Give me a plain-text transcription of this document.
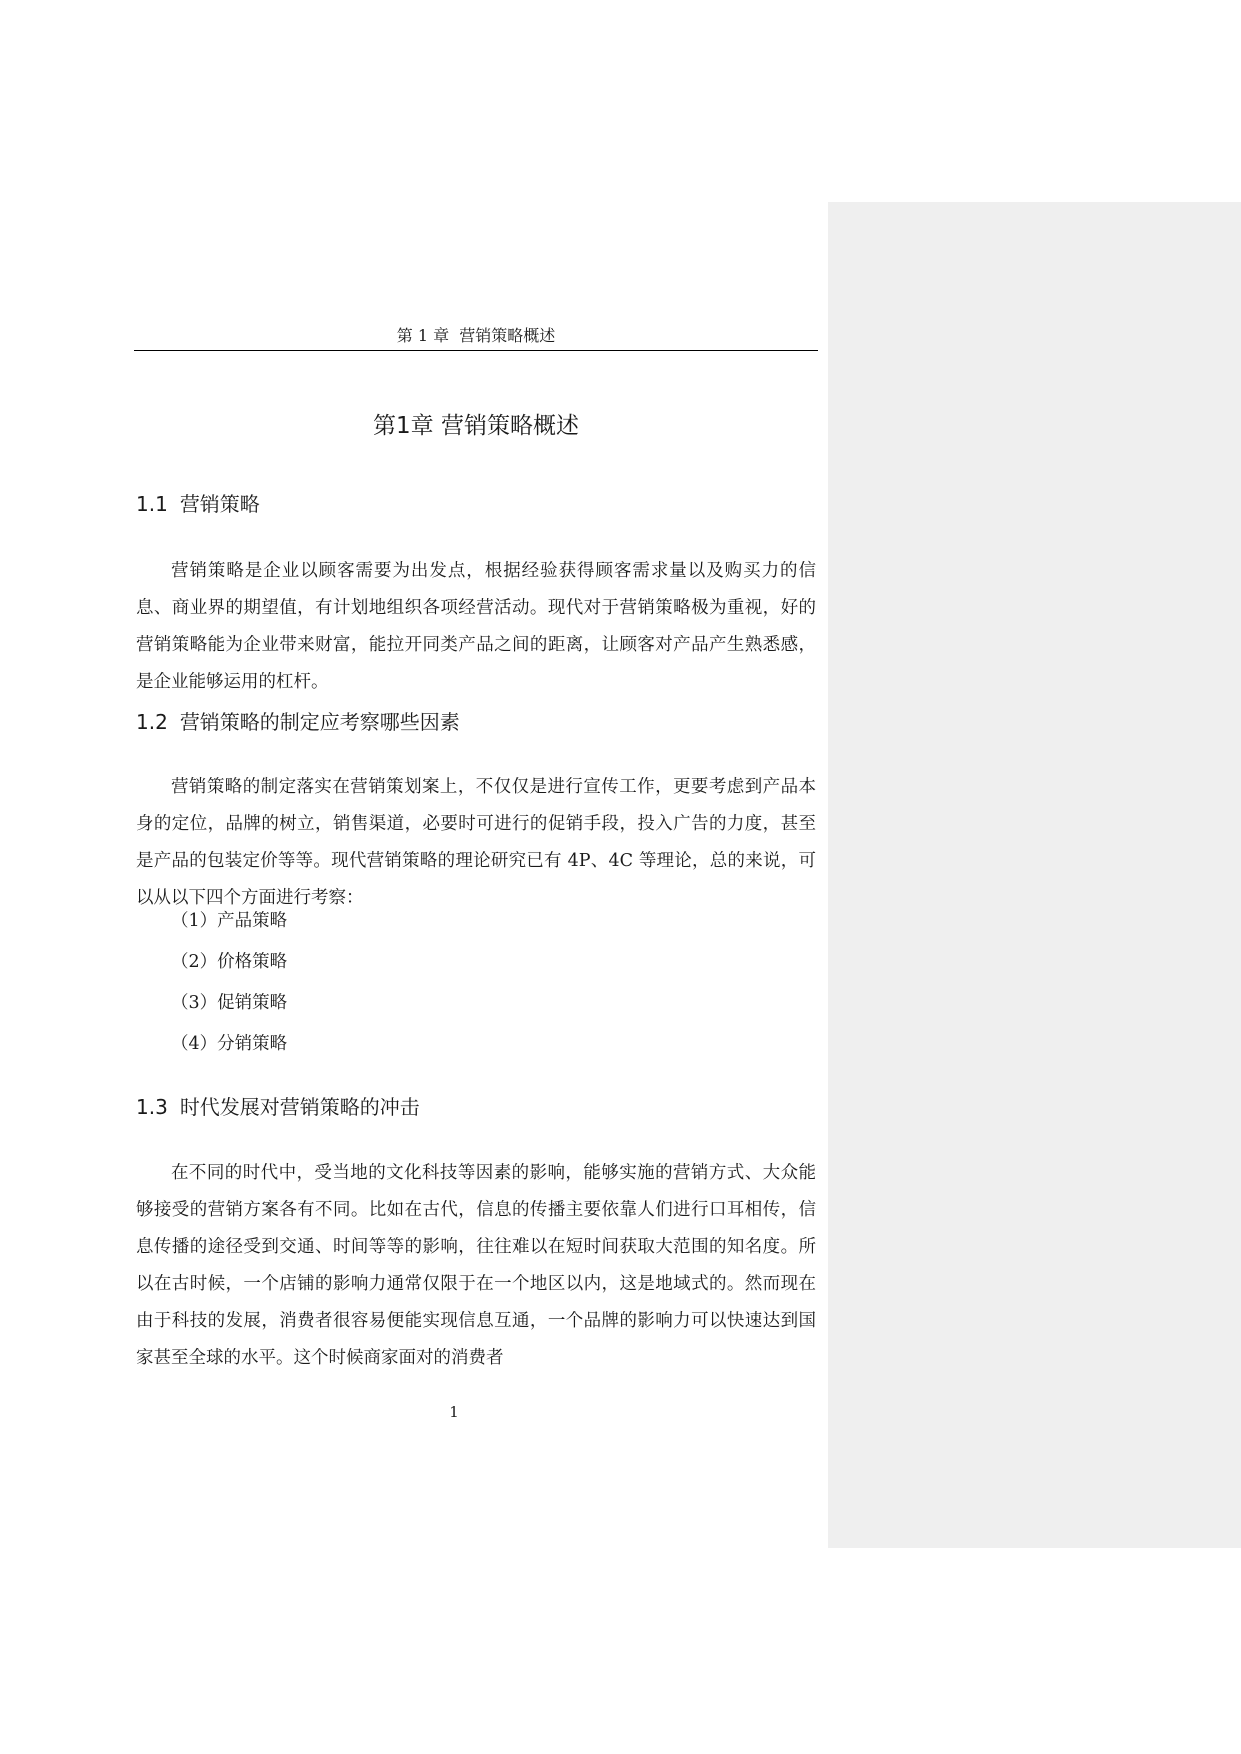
第 1 章  营销策略概述
第1章 营销策略概述
1.1 营销策略

营销策略是企业以顾客需要为出发点，根据经验获得顾客需求量以及购买力的信息、商业界的期望值，有计划地组织各项经营活动。现代对于营销策略极为重视，好的营销策略能为企业带来财富，能拉开同类产品之间的距离，让顾客对产品产生熟悉感，是企业能够运用的杠杆。

1.2 营销策略的制定应考察哪些因素

营销策略的制定落实在营销策划案上，不仅仅是进行宣传工作，更要考虑到产品本身的定位，品牌的树立，销售渠道，必要时可进行的促销手段，投入广告的力度，甚至是产品的包装定价等等。现代营销策略的理论研究已有 4P、4C 等理论，总的来说，可以从以下四个方面进行考察：

（1）产品策略
（2）价格策略
（3）促销策略
（4）分销策略
1.3 时代发展对营销策略的冲击

在不同的时代中，受当地的文化科技等因素的影响，能够实施的营销方式、大众能够接受的营销方案各有不同。比如在古代，信息的传播主要依靠人们进行口耳相传，信息传播的途径受到交通、时间等等的影响，往往难以在短时间获取大范围的知名度。所以在古时候，一个店铺的影响力通常仅限于在一个地区以内，这是地域式的。然而现在由于科技的发展，消费者很容易便能实现信息互通，一个品牌的影响力可以快速达到国家甚至全球的水平。这个时候商家面对的消费者

1
